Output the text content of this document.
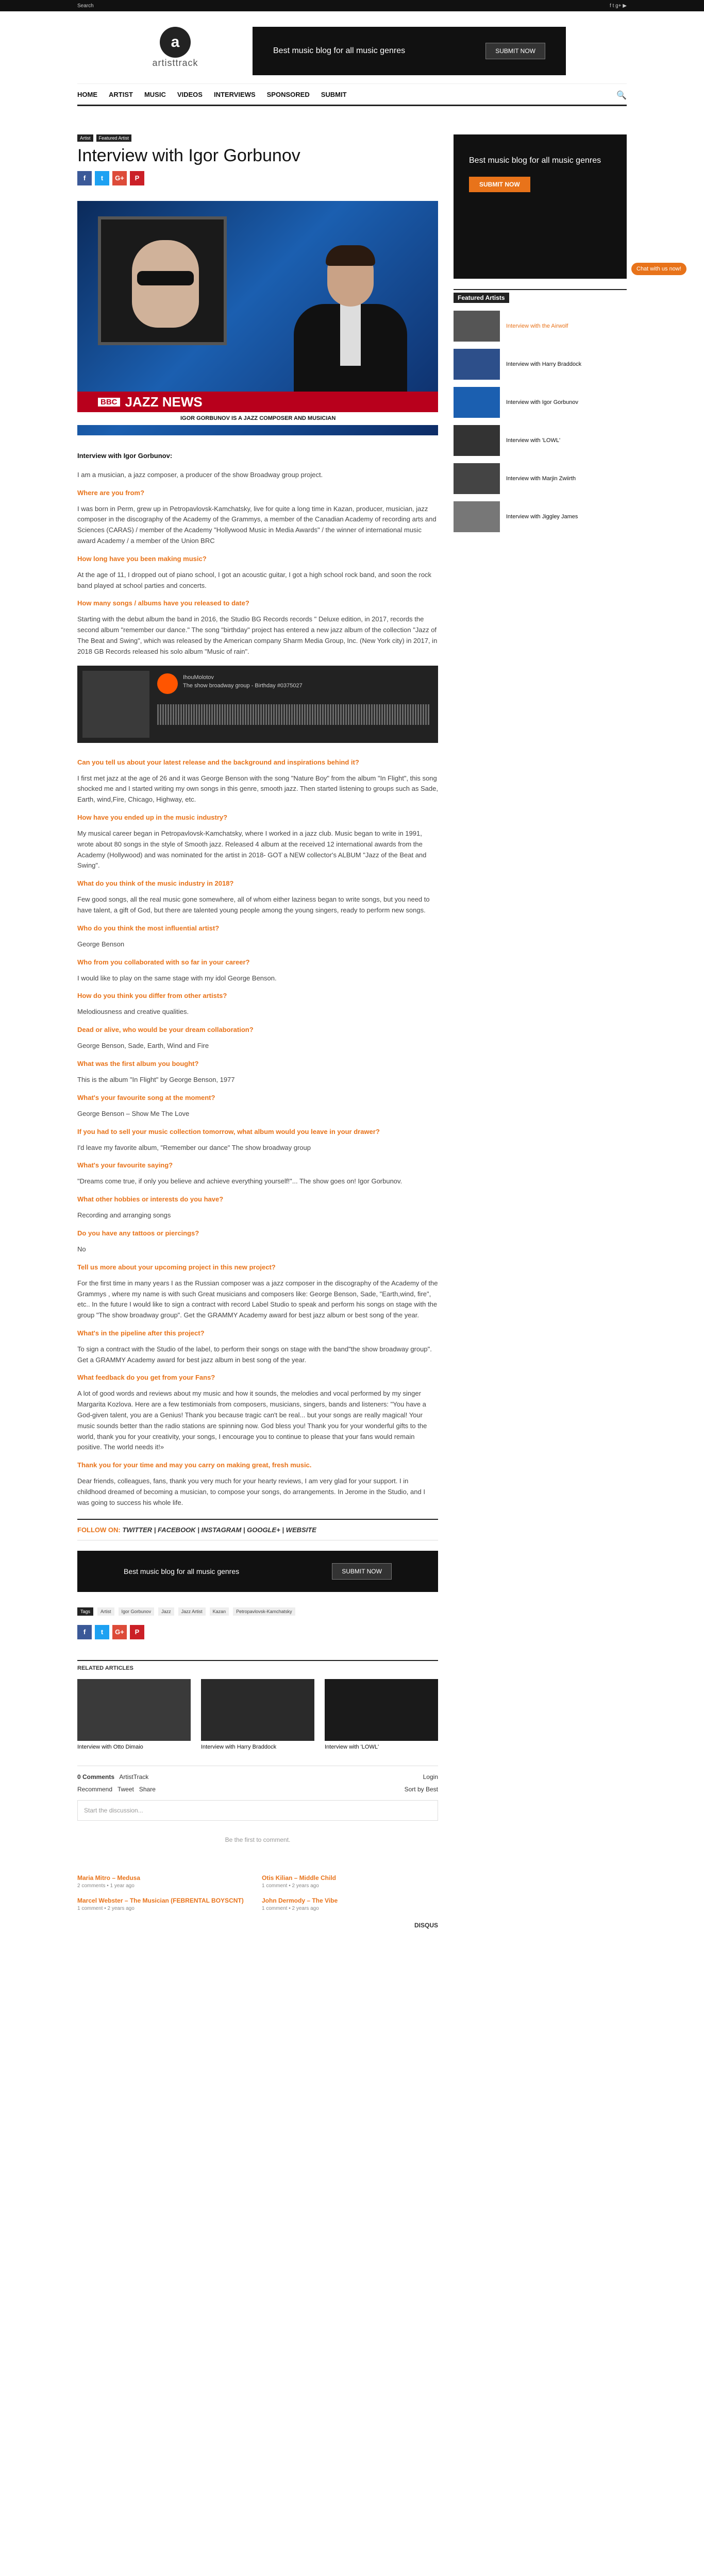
Search	f t g+ ▶
a
artisttrack
Best music blog for all music genres	SUBMIT NOW
HOME ARTIST MUSIC VIDEOS INTERVIEWS SPONSORED SUBMIT	🔍
Artist	Featured Artist
Interview with Igor Gorbunov
f	t	G+	P
BBC JAZZ NEWS
IGOR GORBUNOV IS A JAZZ COMPOSER AND MUSICIAN

Interview with Igor Gorbunov:

I am a musician, a jazz composer, a producer of the show Broadway group project.

Where are you from?

I was born in Perm, grew up in Petropavlovsk-Kamchatsky, live for quite a long time in Kazan, producer, musician, jazz composer in the discography of the Academy of the Grammys, a member of the Canadian Academy of recording arts and Sciences (CARAS) / member of the Academy "Hollywood Music in Media Awards" / the winner of international music award Academy / a member of the Union BRC

How long have you been making music?

At the age of 11, I dropped out of piano school, I got an acoustic guitar, I got a high school rock band, and soon the rock band played at school parties and concerts.

How many songs / albums have you released to date?

Starting with the debut album the band in 2016, the Studio BG Records records " Deluxe edition, in 2017, records the second album "remember our dance." The song "birthday" project has entered a new jazz album of the collection "Jazz of The Beat and Swing", which was released by the American company Sharm Media Group, Inc. (New York city) in 2017, in 2018 GB Records released his solo album "Music of rain".

IhouMolotov
The show broadway group - Birthday #0375027
Can you tell us about your latest release and the background and inspirations behind it?

I first met jazz at the age of 26 and it was George Benson with the song "Nature Boy" from the album "In Flight", this song shocked me and I started writing my own songs in this genre, smooth jazz. Then started listening to groups such as Sade, Earth, wind,Fire, Chicago, Highway, etc.

How have you ended up in the music industry?

My musical career began in Petropavlovsk-Kamchatsky, where I worked in a jazz club. Music began to write in 1991, wrote about 80 songs in the style of Smooth jazz. Released 4 album at the received 12 international awards from the Academy (Hollywood) and was nominated for the artist in 2018- GOT a NEW collector's ALBUM "Jazz of the Beat and Swing".

What do you think of the music industry in 2018?

Few good songs, all the real music gone somewhere, all of whom either laziness began to write songs, but you need to have talent, a gift of God, but there are talented young people among the young singers, ready to perform new songs.

Who do you think the most influential artist?

George Benson

Who from you collaborated with so far in your career?

I would like to play on the same stage with my idol George Benson.

How do you think you differ from other artists?

Melodiousness and creative qualities.

Dead or alive, who would be your dream collaboration?

George Benson, Sade, Earth, Wind and Fire

What was the first album you bought?

This is the album "In Flight" by George Benson, 1977

What's your favourite song at the moment?

George Benson – Show Me The Love

If you had to sell your music collection tomorrow, what album would you leave in your drawer?

I'd leave my favorite album, "Remember our dance" The show broadway group

What's your favourite saying?

"Dreams come true, if only you believe and achieve everything yourself!"... The show goes on! Igor Gorbunov.

What other hobbies or interests do you have?

Recording and arranging songs

Do you have any tattoos or piercings?

No

Tell us more about your upcoming project in this new project?

For the first time in many years I as the Russian composer was a jazz composer in the discography of the Academy of the Grammys , where my name is with such Great musicians and composers like: George Benson, Sade, "Earth,wind, fire", etc.. In the future I would like to sign a contract with record Label Studio to speak and perform his songs on stage with the group "The show broadway group". Get the GRAMMY Academy award for best jazz album or best song of the year.

What's in the pipeline after this project?

To sign a contract with the Studio of the label, to perform their songs on stage with the band"the show broadway group". Get a GRAMMY Academy award for best jazz album in best song of the year.

What feedback do you get from your Fans?

A lot of good words and reviews about my music and how it sounds, the melodies and vocal performed by my singer Margarita Kozlova. Here are a few testimonials from composers, musicians, singers, bands and listeners: "You have a God-given talent, you are a Genius! Thank you because tragic can't be real... but your songs are really magical! Your music sounds better than the radio stations are spinning now. God bless you! Thank you for your wonderful gifts to the world, thank you for your creativity, your songs, I encourage you to continue to please that your fans would remain positive. The world needs it!»

Thank you for your time and may you carry on making great, fresh music.

Dear friends, colleagues, fans, thank you very much for your hearty reviews, I am very glad for your support. I in childhood dreamed of becoming a musician, to compose your songs, do arrangements. In Jerome in the Studio, and I was going to success his whole life.

FOLLOW ON: TWITTER | FACEBOOK | INSTAGRAM | GOOGLE+ | WEBSITE
Best music blog for all music genres	SUBMIT NOW
Tags	Artist	Igor Gorbunov	Jazz	Jazz Artist	Kazan	Petropavlovsk-Kamchatsky
f	t	G+	P
RELATED ARTICLES
Interview with Otto Dimaio	Interview with Harry Braddock	Interview with 'LOWL'
0 Comments ArtistTrack	Login
Recommend Tweet Share	Sort by Best
Start the discussion...
Be the first to comment.
Maria Mitro – Medusa
2 comments • 1 year ago
Otis Kilian – Middle Child
1 comment • 2 years ago
Marcel Webster – The Musician (FEBRENTAL BOYSCNT)
1 comment • 2 years ago
John Dermody – The Vibe
1 comment • 2 years ago
DISQUS
Best music blog for all music genres
SUBMIT NOW
Featured Artists
Interview with the Airwolf
Interview with Harry Braddock
Interview with Igor Gorbunov
Interview with 'LOWL'
Interview with Marjin Zwiirth
Interview with Jiggley James
Chat with us now!
